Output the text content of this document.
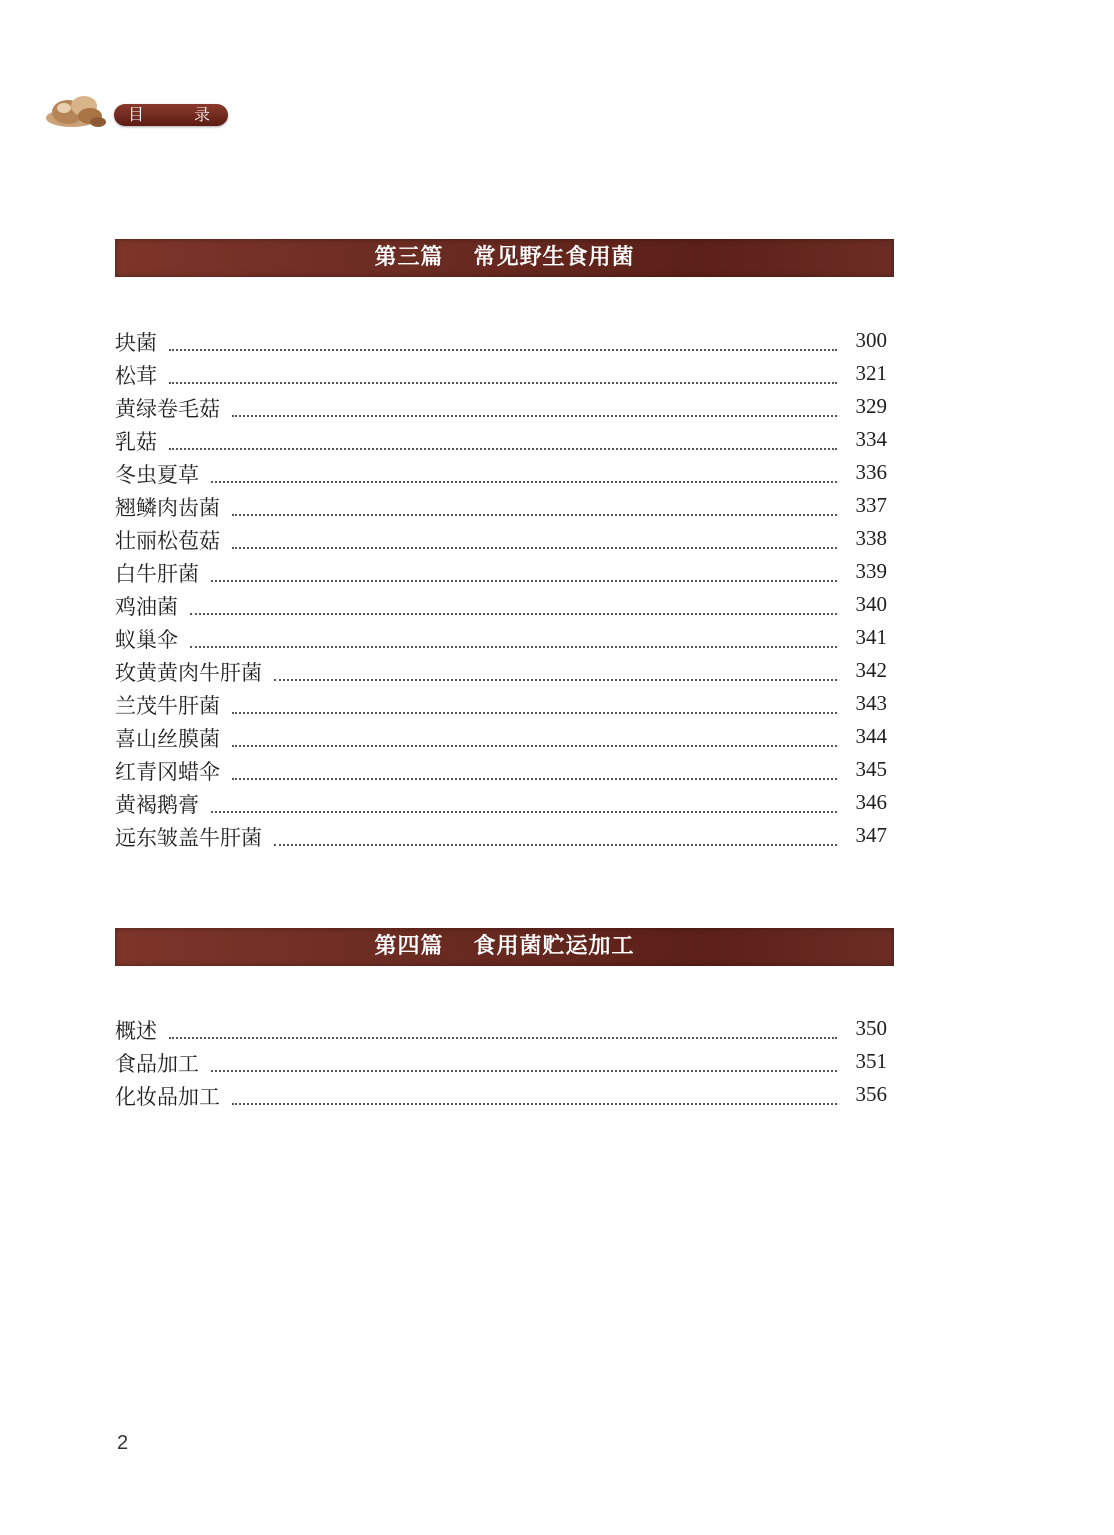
目	录
第三篇 常见野生食用菌
块菌	300
松茸	321
黄绿卷毛菇	329
乳菇	334
冬虫夏草	336
翘鳞肉齿菌	337
壮丽松苞菇	338
白牛肝菌	339
鸡油菌	340
蚁巢伞	341
玫黄黄肉牛肝菌	342
兰茂牛肝菌	343
喜山丝膜菌	344
红青冈蜡伞	345
黄褐鹅膏	346
远东皱盖牛肝菌	347
第四篇 食用菌贮运加工
概述	350
食品加工	351
化妆品加工	356
2
